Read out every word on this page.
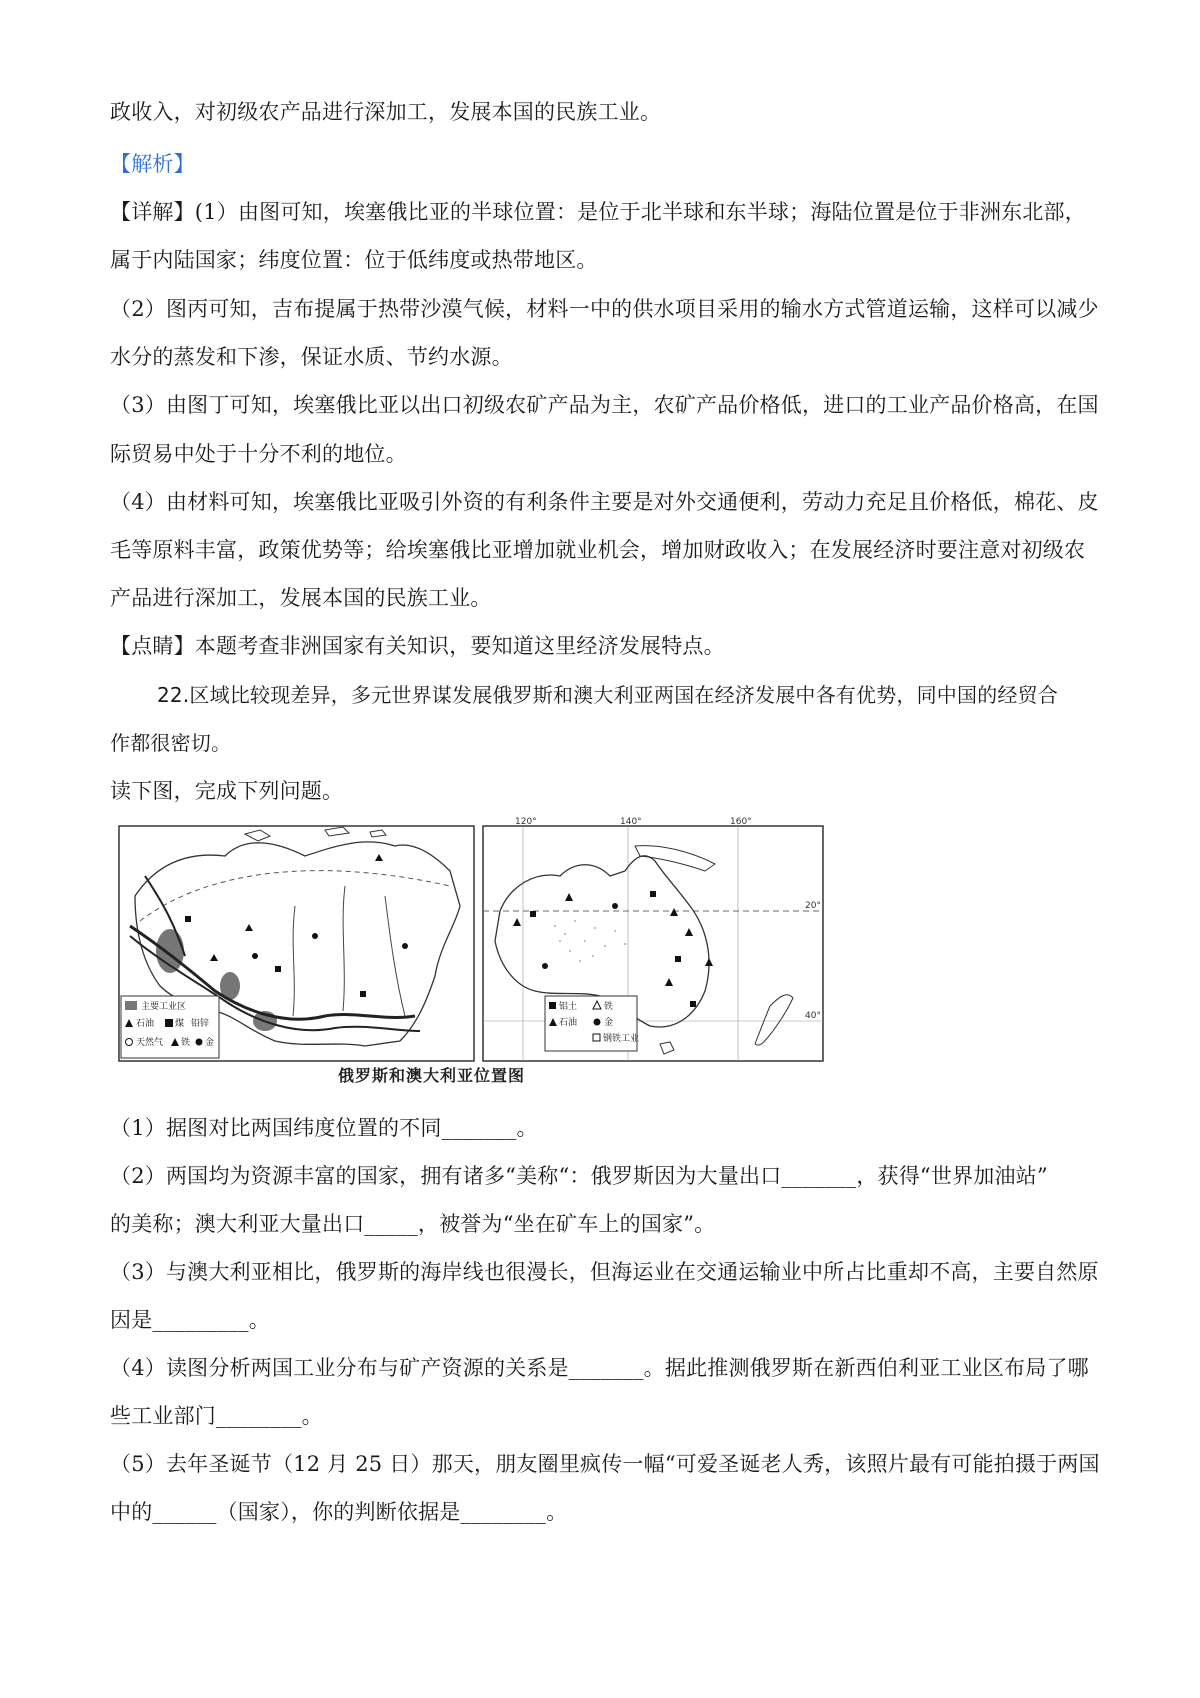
政收入，对初级农产品进行深加工，发展本国的民族工业。
【解析】
【详解】(1）由图可知，埃塞俄比亚的半球位置：是位于北半球和东半球；海陆位置是位于非洲东北部，
属于内陆国家；纬度位置：位于低纬度或热带地区。
（2）图丙可知，吉布提属于热带沙漠气候，材料一中的供水项目采用的输水方式管道运输，这样可以减少
水分的蒸发和下渗，保证水质、节约水源。
（3）由图丁可知，埃塞俄比亚以出口初级农矿产品为主，农矿产品价格低，进口的工业产品价格高，在国
际贸易中处于十分不利的地位。
（4）由材料可知，埃塞俄比亚吸引外资的有利条件主要是对外交通便利，劳动力充足且价格低，棉花、皮
毛等原料丰富，政策优势等；给埃塞俄比亚增加就业机会，增加财政收入；在发展经济时要注意对初级农
产品进行深加工，发展本国的民族工业。
【点睛】本题考查非洲国家有关知识，要知道这里经济发展特点。
22.区域比较现差异，多元世界谋发展俄罗斯和澳大利亚两国在经济发展中各有优势，同中国的经贸合
作都很密切。
读下图，完成下列问题。
主要工业区
石油 煤 铅锌
天然气 铁 金
120°	140°	160°
20°
40°
铝土
石油
铁
金
钢铁工业
俄罗斯和澳大利亚位置图
（1）据图对比两国纬度位置的不同_______。
（2）两国均为资源丰富的国家，拥有诸多“美称“：俄罗斯因为大量出口_______，获得“世界加油站”
的美称；澳大利亚大量出口_____，被誉为“坐在矿车上的国家”。
（3）与澳大利亚相比，俄罗斯的海岸线也很漫长，但海运业在交通运输业中所占比重却不高，主要自然原
因是_________。
（4）读图分析两国工业分布与矿产资源的关系是_______。据此推测俄罗斯在新西伯利亚工业区布局了哪
些工业部门________。
（5）去年圣诞节（12 月 25 日）那天，朋友圈里疯传一幅“可爱圣诞老人秀，该照片最有可能拍摄于两国
中的______（国家），你的判断依据是________。
